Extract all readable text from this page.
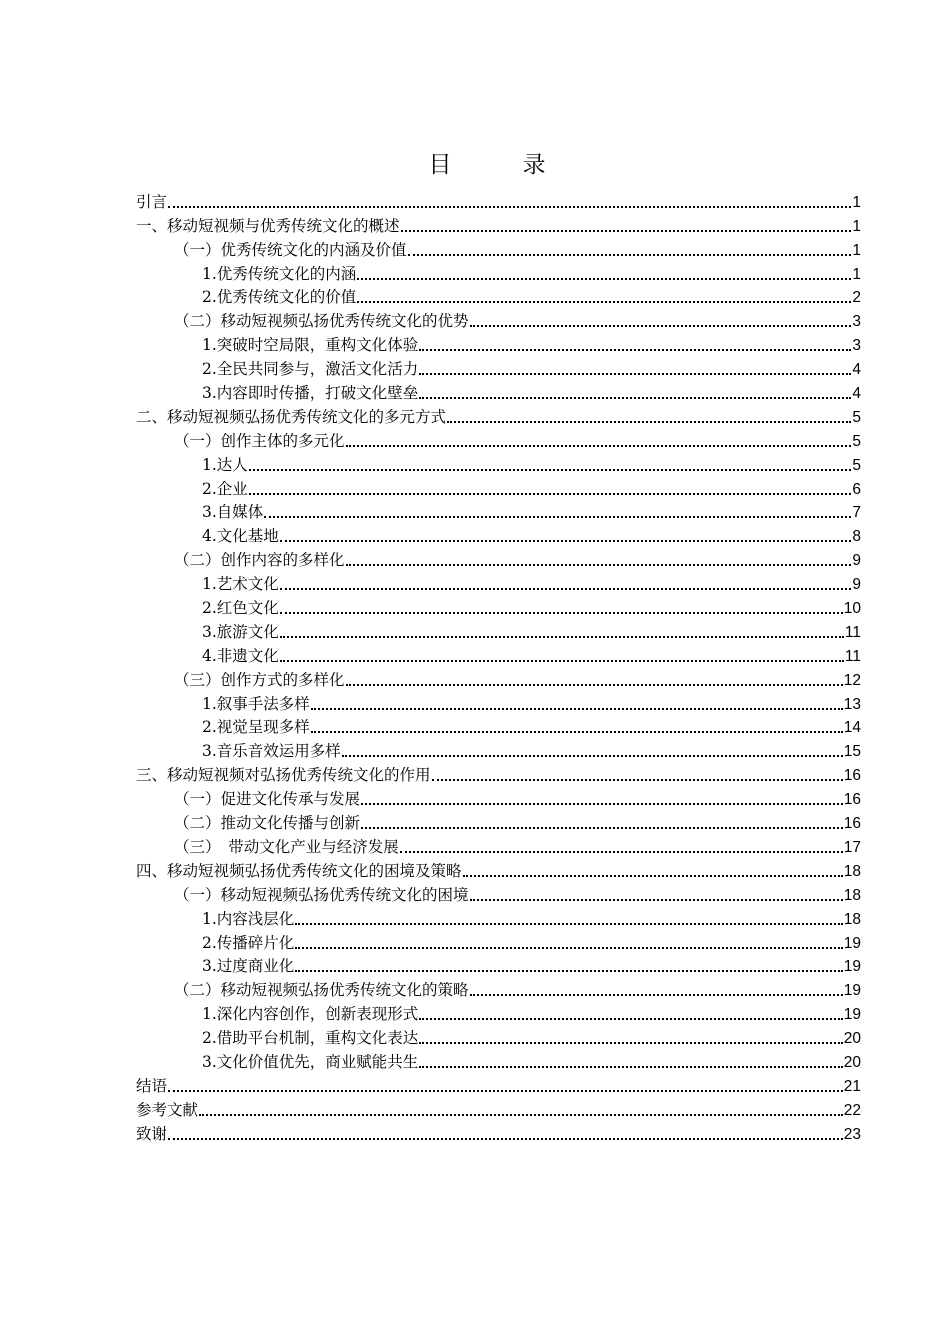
目　录
引言	1
一、移动短视频与优秀传统文化的概述	1
（一）优秀传统文化的内涵及价值	1
1.优秀传统文化的内涵	1
2.优秀传统文化的价值	2
（二）移动短视频弘扬优秀传统文化的优势	3
1.突破时空局限，重构文化体验	3
2.全民共同参与，激活文化活力	4
3.内容即时传播，打破文化壁垒	4
二、移动短视频弘扬优秀传统文化的多元方式	5
（一）创作主体的多元化	5
1.达人	5
2.企业	6
3.自媒体	7
4.文化基地	8
（二）创作内容的多样化	9
1.艺术文化	9
2.红色文化	10
3.旅游文化	11
4.非遗文化	11
（三）创作方式的多样化	12
1.叙事手法多样	13
2.视觉呈现多样	14
3.音乐音效运用多样	15
三、移动短视频对弘扬优秀传统文化的作用	16
（一）促进文化传承与发展	16
（二）推动文化传播与创新	16
（三）　带动文化产业与经济发展	17
四、移动短视频弘扬优秀传统文化的困境及策略	18
（一）移动短视频弘扬优秀传统文化的困境	18
1.内容浅层化	18
2.传播碎片化	19
3.过度商业化	19
（二）移动短视频弘扬优秀传统文化的策略	19
1.深化内容创作，创新表现形式	19
2.借助平台机制，重构文化表达	20
3.文化价值优先，商业赋能共生	20
结语	21
参考文献	22
致谢	23
